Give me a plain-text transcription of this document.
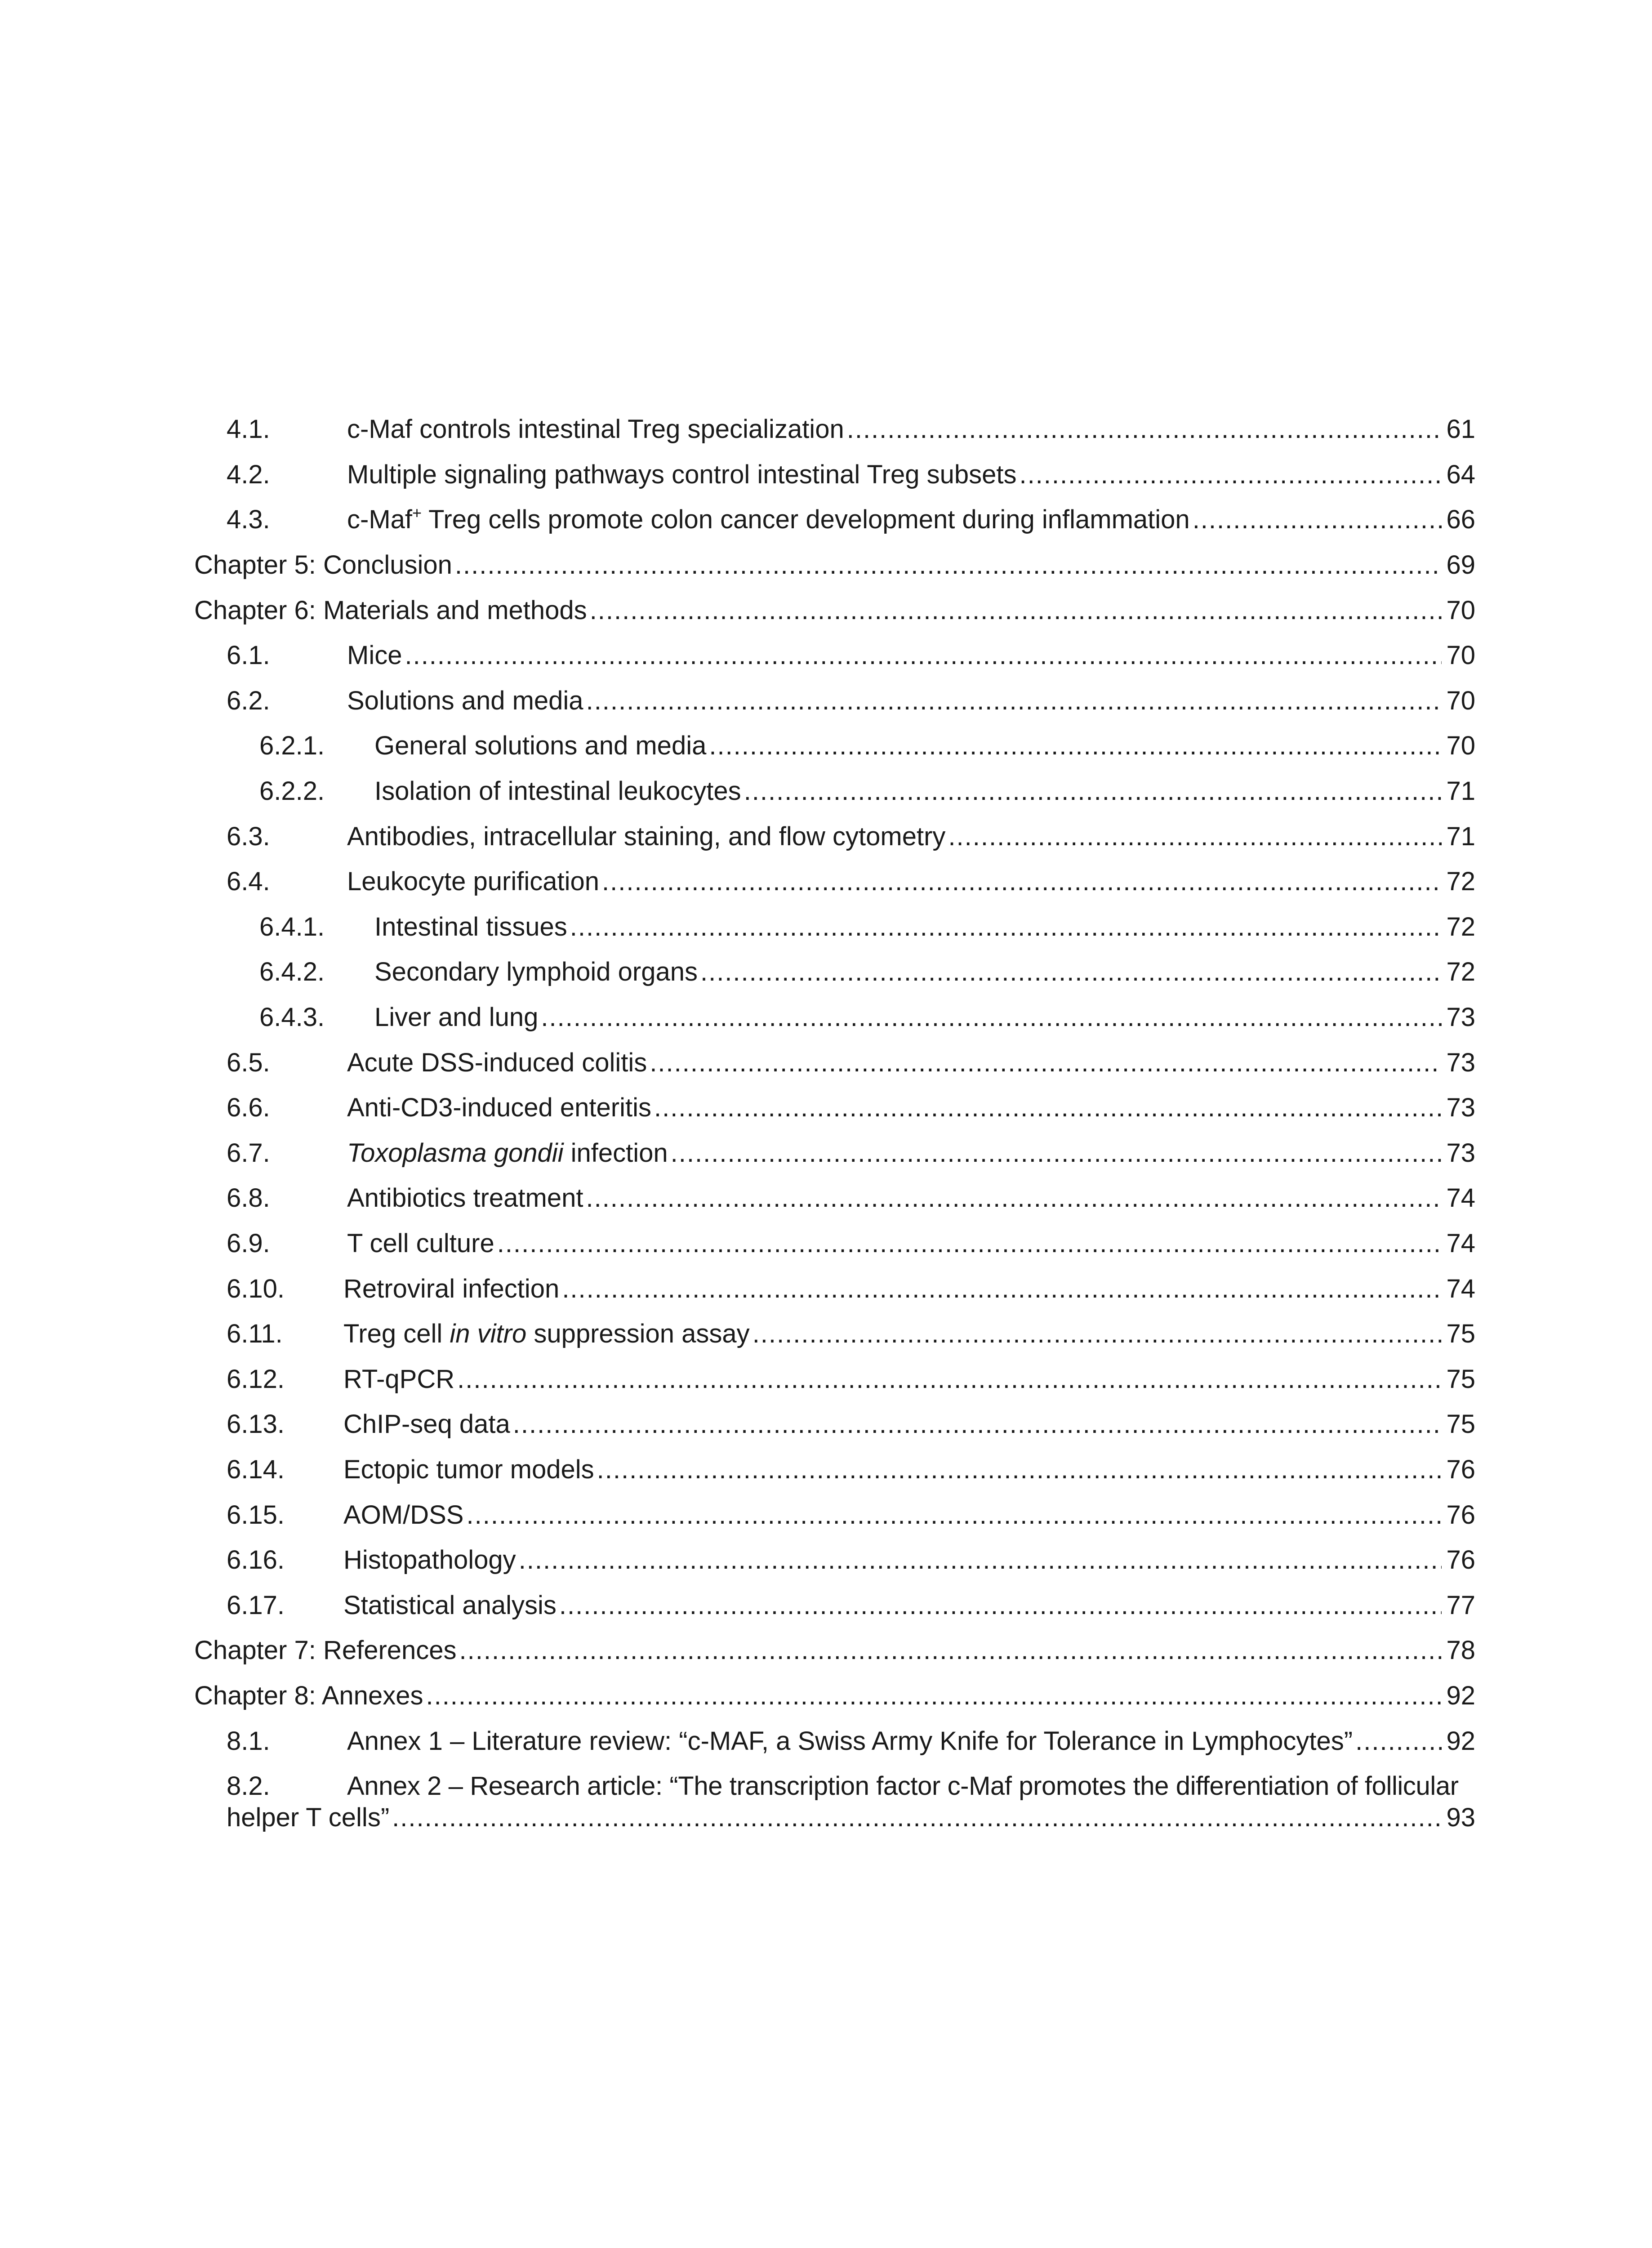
4.1.	c-Maf controls intestinal Treg specialization .....	61
4.2.	Multiple signaling pathways control intestinal Treg subsets .....	64
4.3.	c-Maf+ Treg cells promote colon cancer development during inflammation .....	66
Chapter 5: Conclusion .....	69
Chapter 6: Materials and methods .....	70
6.1.	Mice .....	70
6.2.	Solutions and media .....	70
6.2.1.	General solutions and media .....	70
6.2.2.	Isolation of intestinal leukocytes .....	71
6.3.	Antibodies, intracellular staining, and flow cytometry .....	71
6.4.	Leukocyte purification .....	72
6.4.1.	Intestinal tissues .....	72
6.4.2.	Secondary lymphoid organs .....	72
6.4.3.	Liver and lung .....	73
6.5.	Acute DSS-induced colitis .....	73
6.6.	Anti-CD3-induced enteritis .....	73
6.7.	Toxoplasma gondii infection .....	73
6.8.	Antibiotics treatment .....	74
6.9.	T cell culture .....	74
6.10.	Retroviral infection .....	74
6.11.	Treg cell in vitro suppression assay .....	75
6.12.	RT-qPCR .....	75
6.13.	ChIP-seq data .....	75
6.14.	Ectopic tumor models .....	76
6.15.	AOM/DSS .....	76
6.16.	Histopathology .....	76
6.17.	Statistical analysis .....	77
Chapter 7: References .....	78
Chapter 8: Annexes .....	92
8.1.	Annex 1 – Literature review: “c-MAF, a Swiss Army Knife for Tolerance in Lymphocytes” .....	92
8.2.	Annex 2 – Research article: “The transcription factor c-Maf promotes the differentiation of follicular
helper T cells” .....	93
